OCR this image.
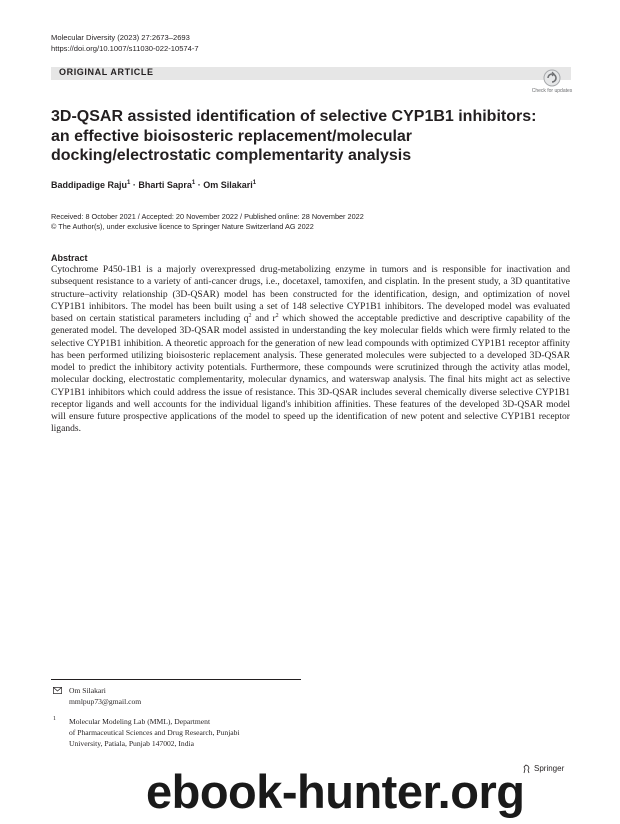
Molecular Diversity (2023) 27:2673–2693
https://doi.org/10.1007/s11030-022-10574-7
ORIGINAL ARTICLE
Check for updates
3D-QSAR assisted identification of selective CYP1B1 inhibitors: an effective bioisosteric replacement/molecular docking/electrostatic complementarity analysis
Baddipadige Raju$^1$ · Bharti Sapra$^1$ · Om Silakari$^1$
Received: 8 October 2021 / Accepted: 20 November 2022 / Published online: 28 November 2022
© The Author(s), under exclusive licence to Springer Nature Switzerland AG 2022
Abstract
Cytochrome P450-1B1 is a majorly overexpressed drug-metabolizing enzyme in tumors and is responsible for inactivation and subsequent resistance to a variety of anti-cancer drugs, i.e., docetaxel, tamoxifen, and cisplatin. In the present study, a 3D quantitative structure–activity relationship (3D-QSAR) model has been constructed for the identification, design, and optimization of novel CYP1B1 inhibitors. The model has been built using a set of 148 selective CYP1B1 inhibitors. The developed model was evaluated based on certain statistical parameters including $q^2$ and $r^2$ which showed the acceptable predictive and descriptive capability of the generated model. The developed 3D-QSAR model assisted in understanding the key molecular fields which were firmly related to the selective CYP1B1 inhibition. A theoretic approach for the generation of new lead compounds with optimized CYP1B1 receptor affinity has been performed utilizing bioisosteric replacement analysis. These generated molecules were subjected to a developed 3D-QSAR model to predict the inhibitory activity potentials. Furthermore, these compounds were scrutinized through the activity atlas model, molecular docking, electrostatic complementarity, molecular dynamics, and waterswap analysis. The final hits might act as selective CYP1B1 inhibitors which could address the issue of resistance. This 3D-QSAR includes several chemically diverse selective CYP1B1 receptor ligands and well accounts for the individual ligand's inhibition affinities. These features of the developed 3D-QSAR model will ensure future prospective applications of the model to speed up the identification of new potent and selective CYP1B1 receptor ligands.
Om Silakari
mmlpup73@gmail.com
1 Molecular Modeling Lab (MML), Department
of Pharmaceutical Sciences and Drug Research, Punjabi
University, Patiala, Punjab 147002, India
Springer
ebook-hunter.org
